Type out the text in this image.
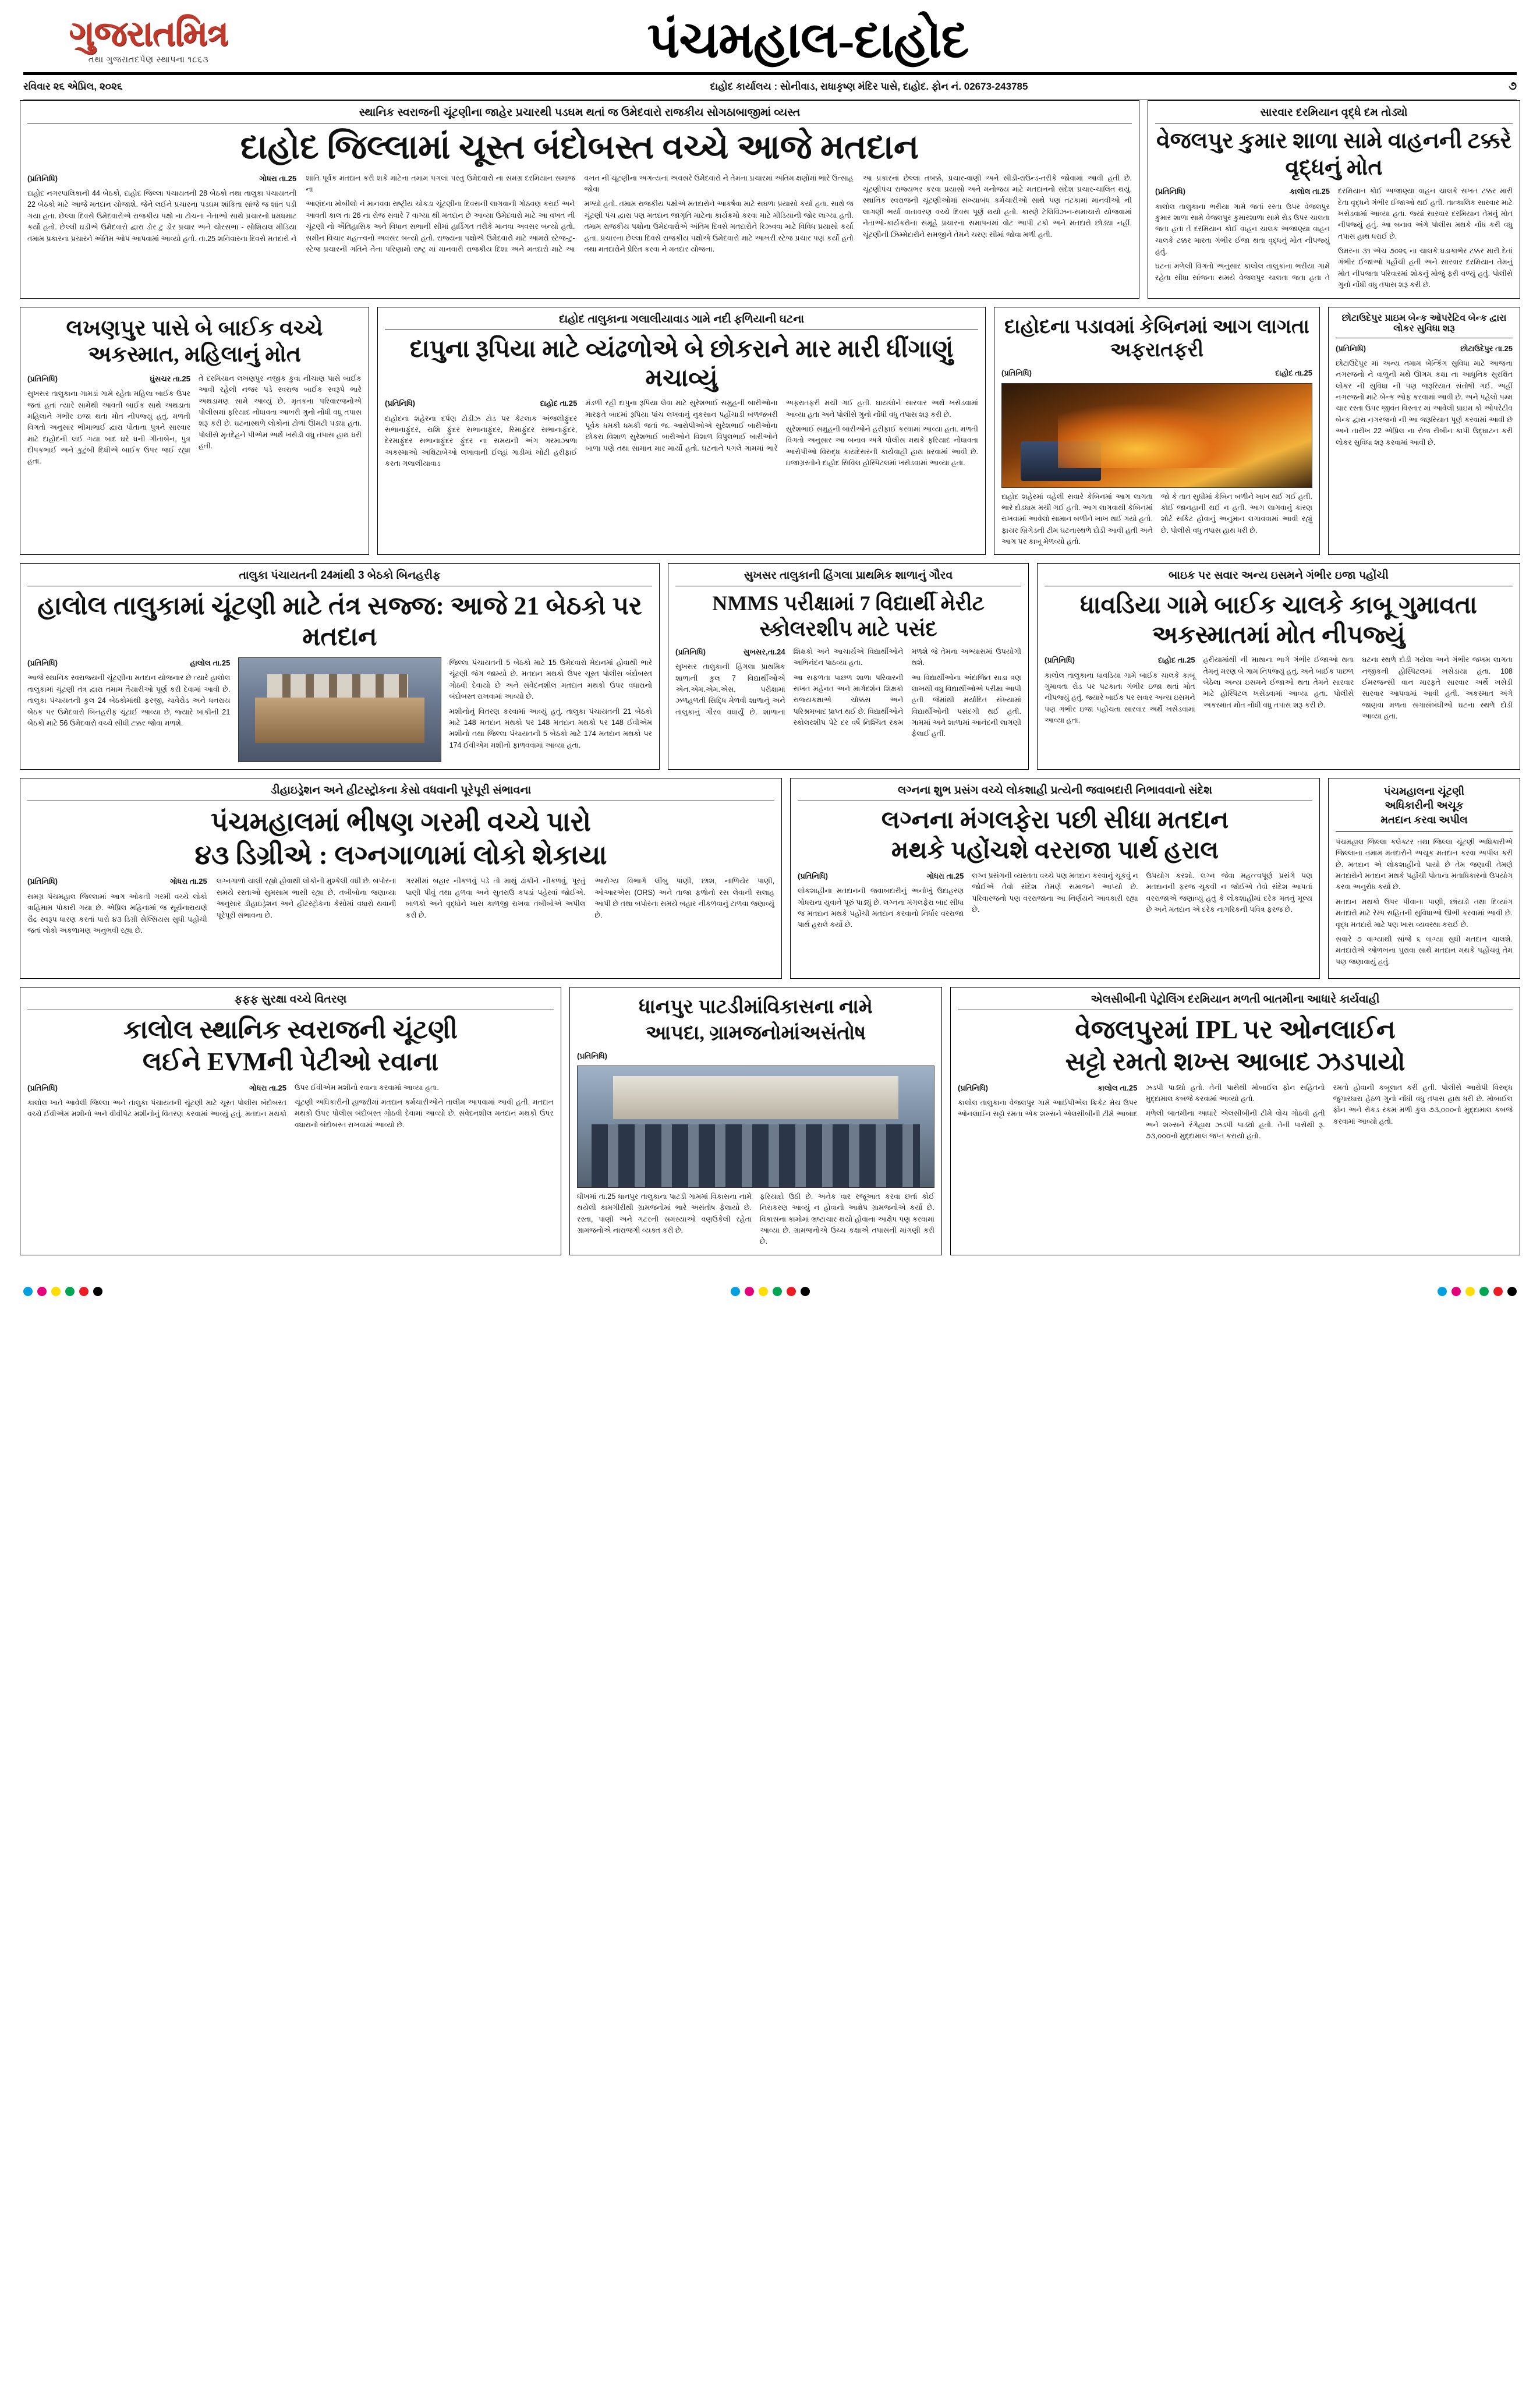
ગુજરાતમિત્ર
તથા ગુજરાતદર્પણ સ્થાપના ૧૮૬૩	પંચમહાલ-દાહોદ
રવિવાર ૨૬ એપ્રિલ, ૨૦૨૬	દાહોદ કાર્યાલય : સોનીવાડ, રાધાકૃષ્ણ મંદિર પાસે, દાહોદ. ફોન નં. 02673-243785	૭
સ્થાનિક સ્વરાજની ચૂંટણીના જાહેર પ્રચારથી પડઘમ થતાં જ ઉમેદવારો રાજકીય સોગઠાબાજીમાં વ્યસ્ત
દાહોદ જિલ્લામાં ચૂસ્ત બંદોબસ્ત વચ્ચે આજે મતદાન

(પ્રતિનિધિ)	ગોધરા તા.25

દાહોદ નગરપાલિકાની 44 બેઠકો, દાહોદ જિલ્લા પંચાયતની 28 બેઠકો તથા તાલુકા પંચાયતની 22 બેઠકો માટે આજે મતદાન યોજાશે. જેને લઈને પ્રચારના પડઘમ શાંકિતા સાંજે જ શાંત પડી ગયા હતા. છેલ્લા દિવસે ઉમેદવારોએ રાજકીય પક્ષો ના ટોચના નેતાઓ સાથે પ્રચારનો ધમધમાટ કર્યો હતો. છેલ્લી ઘડીએ ઉમેદવારો દ્વારા ડોર ટુ ડોર પ્રચાર અને ચોરસભા - સોશિયલ મીડિયા તમામ પ્રકારના પ્રચારને અંતિમ ઓપ આપવામાં આવ્યો હતો. તા.25 શનિવારના દિવસે મતદારો ને શાંતિ પૂર્વક મતદાન કરી શકે માટેના તમામ પગલાં પરંતુ ઉમેદવારો ના સમગ્ર દરમિયાન સમાજ ના

આણંદના મોબીલો નં માનવવા રાષ્ટ્રીય ચોકડા ચૂંટણીના દિવસની લાગવાની ગોઠવણ કરાઈ અને આવતી કાલ તા 26 ના રોજ સવારે 7 વાગ્યા થી મતદાન છે આવ્યા ઉમેદવારો માટે આ વખત ની ચૂંટણી નો ઐતિહાસિક અને વિધાન સભાની સીમાં હાર્ડિગત તરીકે માનવા અવસર બન્યો હતો. સમીન વિચાર મહત્ત્વનો અવસર બન્યો હતો. રાજ્યના પક્ષોએ ઉમેદવારો માટે આમરો સ્ટેજ-ટુ-સ્ટેજ પ્રચારની ગતિને તેના પરિણામો રાષ્ટ્ર માં માનવારી રાજકીય દિશા અને મતદારો માટે આ વખત ની ચૂંટણીના અગત્યના અવસરે ઉમેદવારો ને તેમના પ્રચારમાં અંતિમ ક્ષણોમાં ભારે ઉત્સાહ જોવા

મળ્યો હતો. તમામ રાજકીય પક્ષોએ મતદારોને આકર્ષવા માટે સઘળા પ્રયાસો કર્યા હતા. સાથે જ ચૂંટણી પંચ દ્વારા પણ મતદાન જાગૃતિ માટેના કાર્યક્રમો કરવા માટે મીડિયાની જોર લાગ્યા હતી. તમામ રાજકીય પક્ષોના ઉમેદવારોએ અંતિમ દિવસે મતદારોને રિઝવવા માટે વિવિધ પ્રયાસો કર્યા હતા. પ્રચારના છેલ્લા દિવસે રાજકીય પક્ષોએ ઉમેદવારો માટે આખરી સ્ટેજ પ્રચાર પણ કર્યો હતો તથા મતદારોને પ્રેરિત કરવા ને મતદાર યોજના.

આ પ્રકારનાં છેલ્લા તબક્કે, પ્રચાર-વાણી અને સીડી-રાઉન્ડ-તરીકે જોવામાં આવી હતી છે. ચૂંટણીપંચ રાજ્યભર કરવા પ્રયાસો અને મનોજય માટે મતદાનનો સંદેશ પ્રચાર-ચાલિત થયું. સ્થાનિક સ્વરાજની ચૂંટણીઓમાં સંખ્યાબંધ કર્મચારીઓ સાથે પણ તટકામાં માનવીઓ ની લાગણી ભર્યા વાતાવરણ વચ્ચે દિવસ પૂર્ણ થયો હતો. કારણે ટેલિવિઝન-સમાચારો યોજવામાં નેતાઓ-કાર્યકરોના સમૂહે પ્રચારના સમાપનમાં વોટ આપી ટકો અને મતદારો છોડ્યા નહીં. ચૂંટણીની ઝિમ્મેદારીને સમજીને તેમને ચરણ સીમાં જોવા મળી હતી.

સારવાર દરમિયાન વૃદ્ધે દમ તોડ્યો
વેજલપુર કુમાર શાળા સામે વાહનની ટક્કરે વૃદ્ધનું મોત

(પ્રતિનિધિ)	કાલોલ તા.25

કાલોલ તાલુકાના ભરીયા ગામે જતાં રસ્તા ઉપર વેજલપુર કુમાર શાળા સામે વેજલપુર કુમારશાળા સામે રોડ ઉપર ચાલતા જતા હતા તે દરમિયાન કોઈ વાહન ચાલક અજાણ્યા વાહન ચાલકે ટક્કર મારતા ગંભીર ઈજા થતા વૃદ્ધનું મોત નીપજ્યું હતું.

ઘટનાં મળેલી વિગતો અનુસાર કાલોલ તાલુકાના ભરીયા ગામે રહેતા સીધા સાંજના સમયે વેજલપુર ચાલતા જતા હતા તે દરમિયાન કોઈ અજાણ્યા વાહન ચાલકે સખત ટક્કર મારી દેતા વૃદ્ધને ગંભીર ઈજાઓ થઈ હતી. તાત્કાલિક સારવાર માટે ખસેડવામાં આવ્યા હતા. જ્યાં સારવાર દરમિયાન તેમનું મોત નીપજ્યું હતું. આ બનાવ અંગે પોલીસ મથકે નોંધ કરી વધુ તપાસ હાથ ધરાઈ છે.

ઉમરના ૩૧ એચ ૭૦૨૬ ના ચાલકે ધડાકાભેર ટક્કર મારી દેતાં ગંભીર ઈજાઓ પહોંચી હતી અને સારવાર દરમિયાન તેમનું મોત નીપજતા પરિવારમાં શોકનું મોજું ફરી વળ્યું હતું. પોલીસે ગુનો નોંધી વધુ તપાસ શરૂ કરી છે.

લખણપુર પાસે બે બાઈક વચ્ચે અકસ્માત, મહિલાનું મોત

(પ્રતિનિધિ)	ઘુંસચર તા.25

સુખસર તાલુકાના ગામડાં ગામે રહેતા મહિલા બાઈક ઉપર જતાં હતાં ત્યારે સામેથી આવતી બાઈક સાથે અથડાતા મહિલાને ગંભીર ઇજા થતા મોત નીપજ્યું હતું. મળતી વિગતો અનુસાર ભીમાભાઈ દ્વારા પોતાના પુત્રને સારવાર માટે દાહોદની લઈ ગયા બાદ ઘરે ધની ગીતાબેન, પુત્ર દીપકભાઈ અને કુટુંબી દિધીએ બાઈક ઉપર જઈ રહ્યા હતા.

તે દરમિયાન લખણપુર નજીક કુવા નીચાણ પાસે બાઈક આવી રહેલી નજર પડે સ્વરાજ બાઈક સ્વરૂપે ભારે અથડામણ સામે આવ્યું છે. મૃતકના પરિવારજનોએ પોલીસમાં ફરિયાદ નોંધાવતા આખરી ગુનો નોંધી વધુ તપાસ શરૂ કરી છે. ઘટનાસ્થળે લોકોનાં ટોળાં ઊમટી પડ્યા હતા. પોલીસે મૃતદેહને પીએમ અર્થે ખસેડી વધુ તપાસ હાથ ધરી હતી.

દાહોદ તાલુકાના ગલાલીયાવાડ ગામે નદી ફળિયાની ઘટના
દાપુના રૂપિયા માટે વ્યંઢળોએ બે છોકરાને માર મારી ધીંગાણું મચાવ્યું

(પ્રતિનિધિ)	દાહોદ તા.25

દાહોદના શહેરના દર્પણ ટોડીઝ ટોડ પર કેટલાક અંજલીફુંદર સભાનાફુંદર, રાશિ ફુંદર સભાનાફુંદર, રિમાફુંદર સભાનાફુંદર, દેરમાફુંદર સભાનાફુંદર ફુંદર ના સમયની અંગ ગરમાઝાળા અકસ્માઓ અક્ષિટાબેઓ લખાવાની ઈલ્હાં ગાડીમાં ખોટી હરીફાઈ કરતા ગલાલીયાવાડ

મંડળી રહી દાપુના રૂપિયા લેવા માટે સુરેશભાઈ સમુહની બારીઓના મારફતે બાદમાં રૂપિયા પાંચ લખવાનું નુકસાન પહોંચાડી બળજબરી પૂર્વક ધમકી ધમકી જતાં જ. આરોપીઓએ સુરેશભાઈ બારીઓના છોકરા વિશાળ સુરેશભાઈ બારીઓને વિશાળ વિપુલભાઈ બારીઓને બાળા પણે તથા સામાન માર માર્યો હતો. ઘટનાને પગલે ગામમાં ભારે અફરાતફરી મચી ગઈ હતી. ઘાયલોને સારવાર અર્થે ખસેડવામાં આવ્યા હતા અને પોલીસે ગુનો નોંધી વધુ તપાસ શરૂ કરી છે.

સુરેશભાઈ સમુહની બારીઓને હરીફાઈ કરવામાં આવ્યા હતા. મળતી વિગતો અનુસાર આ બનાવ અંગે પોલીસ મથકે ફરિયાદ નોંધાવતા આરોપીઓ વિરુદ્ધ કાયદેસરની કાર્યવાહી હાથ ધરવામાં આવી છે. ઇજાગ્રસ્તોને દાહોદ સિવિલ હોસ્પિટલમાં ખસેડવામાં આવ્યા હતા.

દાહોદના પડાવમાં કેબિનમાં આગ લાગતા અફરાતફરી
(પ્રતિનિધિ)	દાહોદ તા.25

દાહોદ શહેરમાં વહેલી સવારે કેબિનમાં આગ લાગતા ભારે દોડધામ મચી ગઈ હતી. આગ લાગવાથી કેબિનમાં રાખવામાં આવેલો સામાન બળીને ખાખ થઈ ગયો હતો. ફાયર બ્રિગેડની ટીમ ઘટનાસ્થળે દોડી આવી હતી અને આગ પર કાબૂ મેળવ્યો હતો.

જો કે તાત સુધીમાં કેબિન બળીને ખાખ થઈ ગઈ હતી. કોઈ જાનહાની થઈ ન હતી. આગ લાગવાનું કારણ શોર્ટ સર્કિટ હોવાનું અનુમાન લગાવવામાં આવી રહ્યું છે. પોલીસે વધુ તપાસ હાથ ધરી છે.

છોટાઉદેપુર પ્રાઇમ બેન્ક ઓપરેટિવ બેન્ક દ્વારા લોકર સુવિધા શરૂ

(પ્રતિનિધિ)	છોટાઉદેપુર તા.25

છોટાઉદેપુર માં અન્ય તમામ બેન્કિંગ સુવિધા માટે આજના નગરજનો ને વાળુની મથે ઊગમ કક્ષા ના આધુનિક સુરક્ષિત લોકર ની સુવિધા ની પણ જરૂરિયાત સંતોષી ગઈ. અહીં નગરજનો માટે બેન્ક ઓફ કરવામાં આવી છે. અને પહેલો પમ્મ ચાર રસ્તા ઉપર જીવંત વિસ્તાર માં આવેલી પ્રાઇમ કો ઓપરેટીવ બેન્ક દ્વારા નગરજનો ની આ જરૂરિયાત પૂર્ણ કરવામાં આવી છે અને તારીખ 22 એપ્રિલ ના રોજ રીબીન કાપી ઉદ્ઘાટન કરી લોકર સુવિધા શરૂ કરવામાં આવી છે.

તાલુકા પંચાયતની 24માંથી 3 બેઠકો બિનહરીફ
હાલોલ તાલુકામાં ચૂંટણી માટે તંત્ર સજ્જ: આજે 21 બેઠકો પર મતદાન

(પ્રતિનિધિ)	હાલોલ તા.25

આજે સ્થાનિક સ્વરાજ્યની ચૂંટણીના મતદાન યોજનાર છે ત્યારે હાલોલ તાલુકામાં ચૂંટણી તંત્ર દ્વારા તમામ તૈયારીઓ પૂર્ણ કરી દેવામાં આવી છે. તાલુકા પંચાયતની કુલ 24 બેઠકોમાંથી ફરજી, ચાવેરોડ અને ધનરાય બેઠક પર ઉમેદવારો બિનહરીફ ચૂંટાઈ આવ્યા છે, જ્યારે બાકીની 21 બેઠકો માટે 56 ઉમેદવારો વચ્ચે સીધી ટક્કર જોવા મળશે.

જિલ્લા પંચાયતની 5 બેઠકો માટે 15 ઉમેદવારો મેદાનમાં હોવાથી ભારે ચૂંટણી જંગ જામ્યો છે. મતદાન મથકો ઉપર ચૂસ્ત પોલીસ બંદોબસ્ત ગોઠવી દેવાયો છે અને સંવેદનશીલ મતદાન મથકો ઉપર વધારાનો બંદોબસ્ત રાખવામાં આવ્યો છે.

મશીનોનું વિતરણ કરવામાં આવ્યું હતું. તાલુકા પંચાયતની 21 બેઠકો માટે 148 મતદાન મથકો પર 148 મતદાન મથકો પર 148 ઈવીએમ મશીનો તથા જિલ્લા પંચાયતની 5 બેઠકો માટે 174 મતદાન મથકો પર 174 ઈવીએમ મશીનો ફાળવવામાં આવ્યા હતા.

સુખસર તાલુકાની હિંગલા પ્રાથમિક શાળાનું ગૌરવ
NMMS પરીક્ષામાં 7 વિદ્યાર્થી મેરીટ સ્કોલરશીપ માટે પસંદ

(પ્રતિનિધિ)	સુખસર,તા.24

સુખસર તાલુકાની હિંગલા પ્રાથમિક શાળાની કુલ 7 વિદ્યાર્થીઓએ એન.એમ.એમ.એસ. પરીક્ષામાં ઝળહળતી સિદ્ધિ મેળવી શાળાનું અને તાલુકાનું ગૌરવ વધાર્યું છે. શાળાના શિક્ષકો અને આચાર્યએ વિદ્યાર્થીઓને અભિનંદન પાઠવ્યા હતા.

આ સફળતા પાછળ શાળા પરિવારની સખત મહેનત અને માર્ગદર્શન શિક્ષકો રાજ્યકક્ષાએ ચોક્કસ અને પરિશ્રમબાદ પ્રાપ્ત થઈ છે. વિદ્યાર્થીઓને સ્કોલરશીપ પેટે દર વર્ષે નિશ્ચિત રકમ મળશે જે તેમના અભ્યાસમાં ઉપયોગી થશે.

આ વિદ્યાર્થીઓના અંદાજિત સાડા ત્રણ લાખથી વધુ વિદ્યાર્થીઓએ પરીક્ષા આપી હતી જેમાંથી મર્યાદિત સંખ્યામાં વિદ્યાર્થીઓની પસંદગી થઈ હતી. ગામમાં અને શાળામાં આનંદની લાગણી ફેલાઈ હતી.

બાઇક પર સવાર અન્ય ઇસમને ગંભીર ઇજા પહોંચી
ધાવડિયા ગામે બાઈક ચાલકે કાબૂ ગુમાવતા અકસ્માતમાં મોત નીપજ્યું

(પ્રતિનિધિ)	દાહોદ તા.25

કાલોલ તાલુકાના ધાવડિયા ગામે બાઈક ચાલકે કાબૂ ગુમાવતા રોડ પર પટકાતા ગંભીર ઇજા થતાં મોત નીપજ્યું હતું. જ્યારે બાઈક પર સવાર અન્ય ઇસમને પણ ગંભીર ઇજા પહોંચતા સારવાર અર્થે ખસેડવામાં આવ્યા હતા.

હરીયામાંથી ની માથાના ભાગે ગંભીર ઈજાઓ થતા તેમનું મરણ બે ગામ નિપજ્યું હતું. અને બાઈક પાછળ બેઠેલા અન્ય ઇસમને ઈજાઓ થતા તેમને સારવાર માટે હોસ્પિટલ ખસેડવામાં આવ્યા હતા. પોલીસે અકસ્માત મોત નોંધી વધુ તપાસ શરૂ કરી છે.

ઘટના સ્થળે દોડી ગયેલા અને ગંભીર જખમ લાગતા નજીકની હોસ્પિટલમાં ખસેડાયા હતા. 108 ઈમરજન્સી વાન મારફતે સારવાર અર્થે ખસેડી સારવાર આપવામાં આવી હતી. અકસ્માત અંગે જાણવા મળતા સગાસંબંધીઓ ઘટના સ્થળે દોડી આવ્યા હતા.

ડીહાઇડ્રેશન અને હીટસ્ટ્રોકના કેસો વધવાની પૂરેપૂરી સંભાવના
પંચમહાલમાં ભીષણ ગરમી વચ્ચે પારો
૪૩ ડિગ્રીએ : લગ્નગાળામાં લોકો શેકાયા

(પ્રતિનિધિ)	ગોધરા તા.25

સમગ્ર પંચમહાલ જિલ્લામાં આગ ઓકતી ગરમી વચ્ચે લોકો ત્રાહિમામ પોકારી ગયા છે. એપ્રિલ મહિનામાં જ સૂર્યનારાયણે રૌદ્ર સ્વરૂપ ધારણ કરતાં પારો ૪૩ ડિગ્રી સેલ્સિયસ સુધી પહોંચી જતાં લોકો અકળામણ અનુભવી રહ્યા છે.

લગ્નગાળો ચાલી રહ્યો હોવાથી લોકોની મુશ્કેલી વધી છે. બપોરના સમયે રસ્તાઓ સુમસામ ભાસી રહ્યા છે. તબીબોના જણાવ્યા અનુસાર ડીહાઇડ્રેશન અને હીટસ્ટ્રોકના કેસોમાં વધારો થવાની પૂરેપૂરી સંભાવના છે.

ગરમીમાં બહાર નીકળવું પડે તો માથું ઢાંકીને નીકળવું, પૂરતું પાણી પીવું તથા હળવા અને સુતરાઉ કપડાં પહેરવાં જોઈએ. બાળકો અને વૃદ્ધોને ખાસ કાળજી રાખવા તબીબોએ અપીલ કરી છે.

આરોગ્ય વિભાગે લીંબુ પાણી, છાશ, નાળિયેર પાણી, ઓઆરએસ (ORS) અને તાજા ફળોનો રસ લેવાની સલાહ આપી છે તથા બપોરના સમયે બહાર નીકળવાનું ટાળવા જણાવ્યું છે.

લગ્નના શુભ પ્રસંગ વચ્ચે લોકશાહી પ્રત્યેની જવાબદારી નિભાવવાનો સંદેશ
લગ્નના મંગલફેરા પછી સીધા મતદાન
મથકે પહોંચશે વરરાજા પાર્થ હરાલ

(પ્રતિનિધિ)	ગોધરા તા.25

લોકશાહીના મતદાનની જવાબદારીનું અનોખું ઉદાહરણ ગોધરાના યુવાને પૂરું પાડ્યું છે. લગ્નના મંગલફેરા બાદ સીધા જ મતદાન મથકે પહોંચી મતદાન કરવાનો નિર્ધાર વરરાજા પાર્થ હરાલે કર્યો છે.

લગ્ન પ્રસંગની વ્યસ્તતા વચ્ચે પણ મતદાન કરવાનું ચૂકવું ન જોઈએ તેવો સંદેશ તેમણે સમાજને આપ્યો છે. પરિવારજનો પણ વરરાજાના આ નિર્ણયને આવકારી રહ્યા છે.

ઉપયોગ કરશો. લગ્ન જેવા મહત્ત્વપૂર્ણ પ્રસંગે પણ મતદાનની ફરજ ચૂકવી ન જોઈએ તેવો સંદેશ આપતાં વરરાજાએ જણાવ્યું હતું કે લોકશાહીમાં દરેક મતનું મૂલ્ય છે અને મતદાન એ દરેક નાગરિકની પવિત્ર ફરજ છે.

પંચમહાલના ચૂંટણી
અધિકારીની અચૂક
મતદાન કરવા અપીલ

પંચમહાલ જિલ્લા કલેક્ટર તથા જિલ્લા ચૂંટણી અધિકારીએ જિલ્લાના તમામ મતદારોને અચૂક મતદાન કરવા અપીલ કરી છે. મતદાન એ લોકશાહીનો પાયો છે તેમ જણાવી તેમણે મતદારોને મતદાન મથકે પહોંચી પોતાના મતાધિકારનો ઉપયોગ કરવા અનુરોધ કર્યો છે.

મતદાન મથકો ઉપર પીવાના પાણી, છાંયડો તથા દિવ્યાંગ મતદારો માટે રેમ્પ સહિતની સુવિધાઓ ઊભી કરવામાં આવી છે. વૃદ્ધ મતદારો માટે પણ ખાસ વ્યવસ્થા કરાઈ છે.

સવારે ૭ વાગ્યાથી સાંજે ૬ વાગ્યા સુધી મતદાન ચાલશે. મતદારોએ ઓળખના પુરાવા સાથે મતદાન મથકે પહોંચવું તેમ પણ જણાવાયું હતું.

ફફફ સુરક્ષા વચ્ચે વિતરણ
કાલોલ સ્થાનિક સ્વરાજની ચૂંટણી
લઈને EVMની પેટીઓ રવાના

(પ્રતિનિધિ)	ગોધરા તા.25

કાલોલ ખાતે આવેલી જિલ્લા અને તાલુકા પંચાયતની ચૂંટણી માટે ચૂસ્ત પોલીસ બંદોબસ્ત વચ્ચે ઈવીએમ મશીનો અને વીવીપેટ મશીનોનું વિતરણ કરવામાં આવ્યું હતું. મતદાન મથકો ઉપર ઈવીએમ મશીનો રવાના કરવામાં આવ્યા હતા.

ચૂંટણી અધિકારીની હાજરીમાં મતદાન કર્મચારીઓને તાલીમ આપવામાં આવી હતી. મતદાન મથકો ઉપર પોલીસ બંદોબસ્ત ગોઠવી દેવામાં આવ્યો છે. સંવેદનશીલ મતદાન મથકો ઉપર વધારાનો બંદોબસ્ત રાખવામાં આવ્યો છે.

ધાનપુર પાટડીમાંવિકાસના નામે
આપદા, ગ્રામજનોમાંઅસંતોષ
(પ્રતિનિધિ)

ધીખમાં તા.25 ધાનપુર તાલુકાના પાટડી ગામમાં વિકાસના નામે થયેલી કામગીરીથી ગ્રામજનોમાં ભારે અસંતોષ ફેલાયો છે. રસ્તા, પાણી અને ગટરની સમસ્યાઓ વણઉકેલી રહેતા ગ્રામજનોએ નારાજગી વ્યક્ત કરી છે.

ફરિયાદો ઉઠી છે. અનેક વાર રજૂઆત કરવા છતાં કોઈ નિરાકરણ આવ્યું ન હોવાનો આક્ષેપ ગ્રામજનોએ કર્યો છે. વિકાસના કામોમાં ભ્રષ્ટાચાર થયો હોવાના આક્ષેપ પણ કરવામાં આવ્યા છે. ગ્રામજનોએ ઉચ્ચ કક્ષાએ તપાસની માંગણી કરી છે.

એલસીબીની પેટ્રોલિંગ દરમિયાન મળતી બાતમીના આધારે કાર્યવાહી
વેજલપુરમાં IPL પર ઓનલાઈન
સટ્ટો રમતો શખ્સ આબાદ ઝડપાયો

(પ્રતિનિધિ)	કાલોલ તા.25

કાલોલ તાલુકાના વેજલપુર ગામે આઈપીએલ ક્રિકેટ મેચ ઉપર ઓનલાઈન સટ્ટો રમતા એક શખ્સને એલસીબીની ટીમે આબાદ ઝડપી પાડ્યો હતો. તેની પાસેથી મોબાઈલ ફોન સહિતનો મુદ્દામાલ કબજે કરવામાં આવ્યો હતો.

મળેલી બાતમીના આધારે એલસીબીની ટીમે વોચ ગોઠવી હતી અને શખ્સને રંગેહાથ ઝડપી પાડ્યો હતો. તેની પાસેથી રૂ. ૭૩,૦૦૦નો મુદ્દામાલ જપ્ત કરાયો હતો.

રમતો હોવાની કબૂલાત કરી હતી. પોલીસે આરોપી વિરુદ્ધ જુગારધારા હેઠળ ગુનો નોંધી વધુ તપાસ હાથ ધરી છે. મોબાઈલ ફોન અને રોકડ રકમ મળી કુલ ૭૩,૦૦૦નો મુદ્દામાલ કબજે કરવામાં આવ્યો હતો.
